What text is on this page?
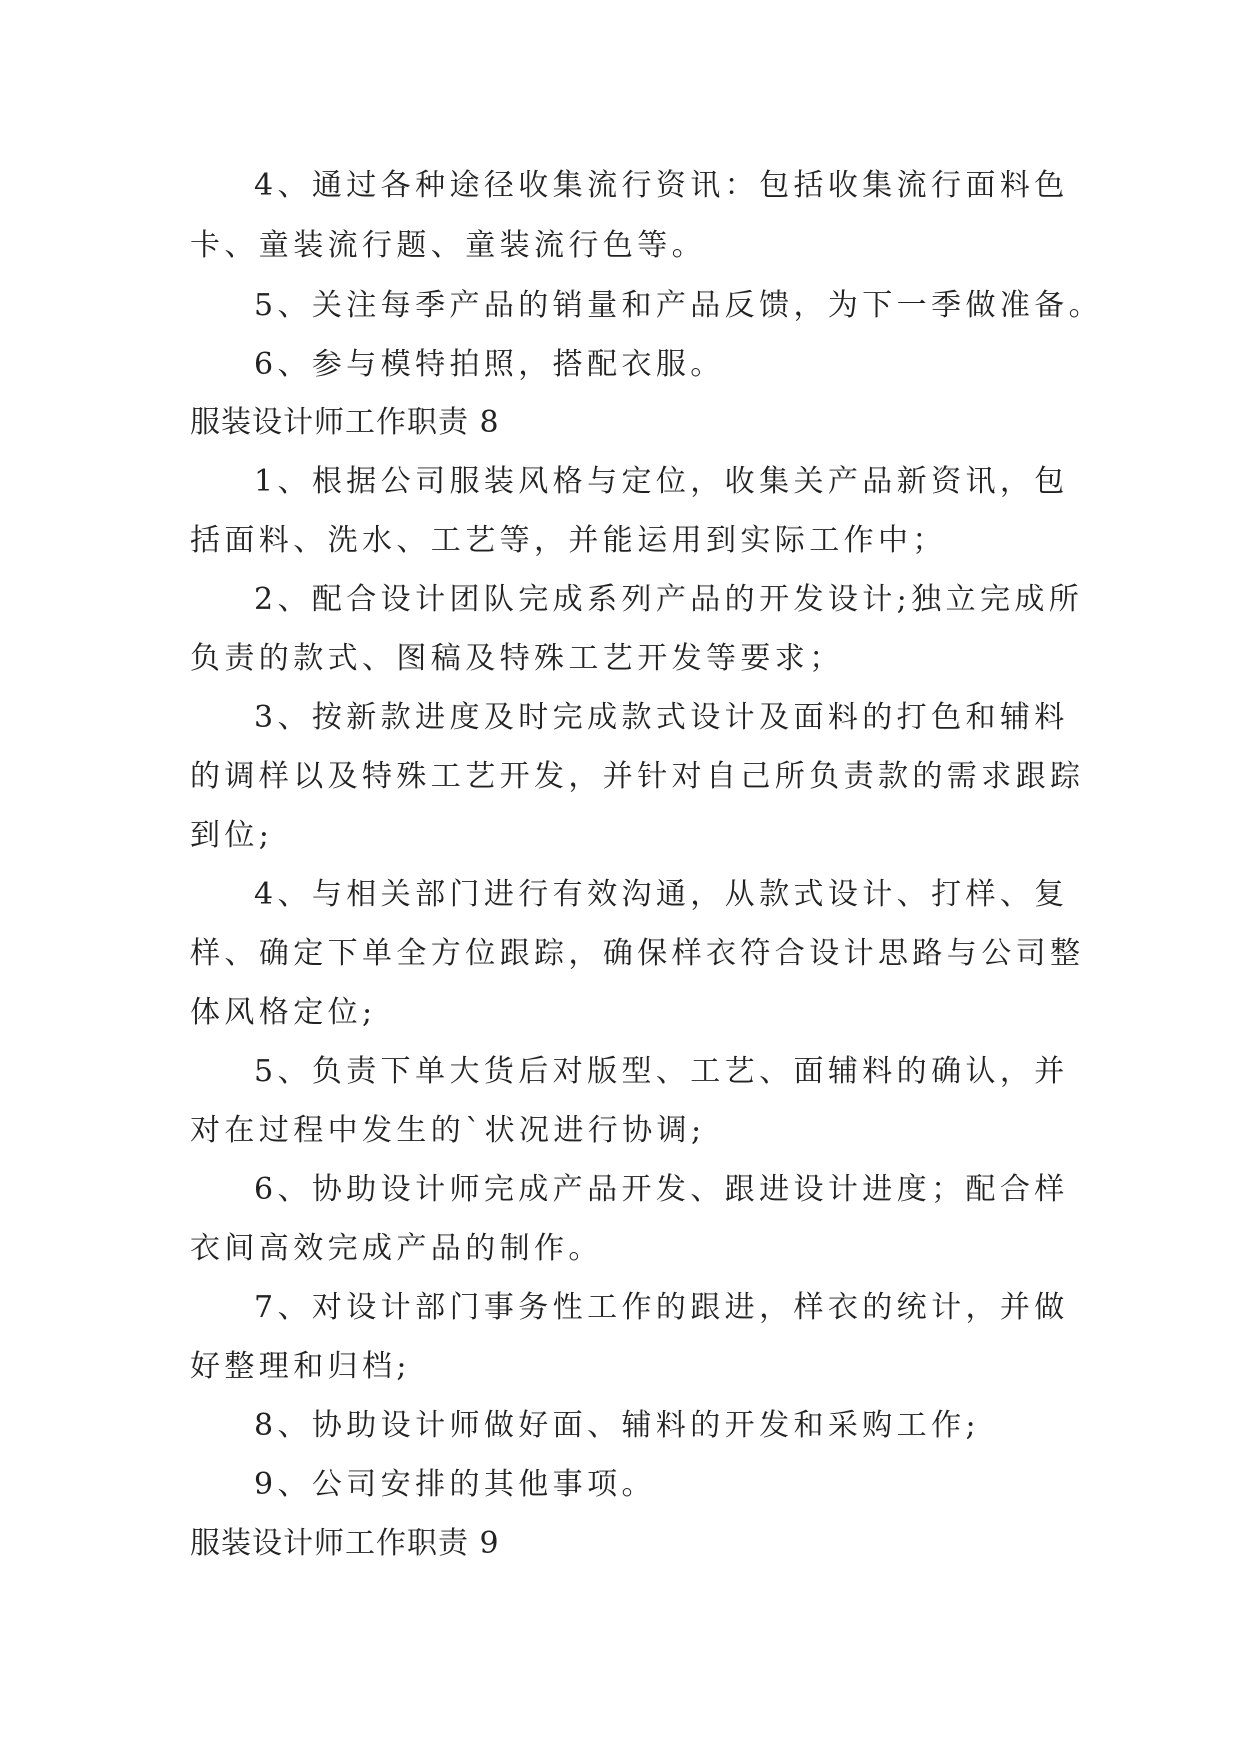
4、通过各种途径收集流行资讯：包括收集流行面料色
卡、童装流行题、童装流行色等。
5、关注每季产品的销量和产品反馈，为下一季做准备。
6、参与模特拍照，搭配衣服。
服装设计师工作职责 8
1、根据公司服装风格与定位，收集关产品新资讯，包
括面料、洗水、工艺等，并能运用到实际工作中；
2、配合设计团队完成系列产品的开发设计;独立完成所
负责的款式、图稿及特殊工艺开发等要求；
3、按新款进度及时完成款式设计及面料的打色和辅料
的调样以及特殊工艺开发，并针对自己所负责款的需求跟踪
到位;
4、与相关部门进行有效沟通，从款式设计、打样、复
样、确定下单全方位跟踪，确保样衣符合设计思路与公司整
体风格定位;
5、负责下单大货后对版型、工艺、面辅料的确认，并
对在过程中发生的`状况进行协调;
6、协助设计师完成产品开发、跟进设计进度；配合样
衣间高效完成产品的制作。
7、对设计部门事务性工作的跟进，样衣的统计，并做
好整理和归档;
8、协助设计师做好面、辅料的开发和采购工作;
9、公司安排的其他事项。
服装设计师工作职责 9
